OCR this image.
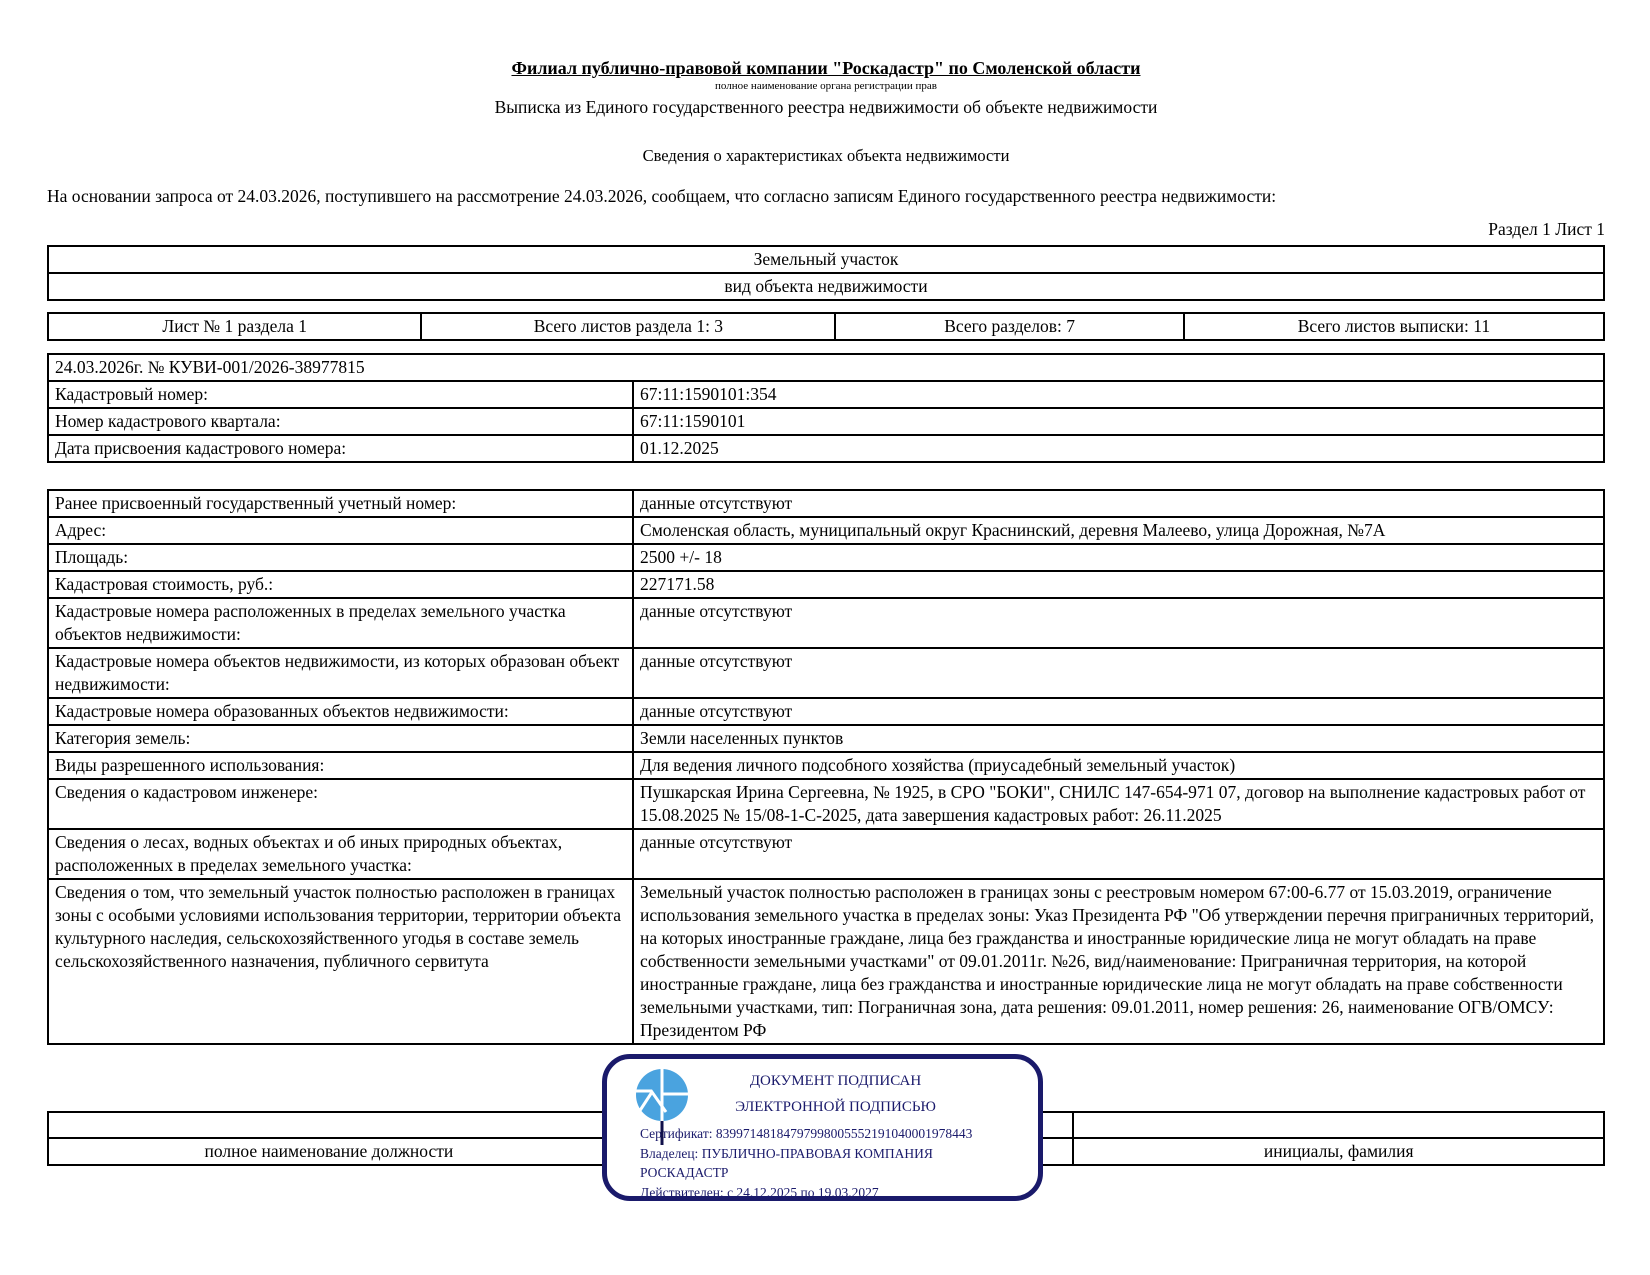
Филиал публично-правовой компании "Роскадастр" по Смоленской области
полное наименование органа регистрации прав
Выписка из Единого государственного реестра недвижимости об объекте недвижимости
Сведения о характеристиках объекта недвижимости
На основании запроса от 24.03.2026, поступившего на рассмотрение 24.03.2026, сообщаем, что согласно записям Единого государственного реестра недвижимости:
Раздел 1 Лист 1
Земельный участок
вид объекта недвижимости
Лист № 1 раздела 1	Всего листов раздела 1: 3	Всего разделов: 7	Всего листов выписки: 11
24.03.2026г. № КУВИ-001/2026-38977815	
Кадастровый номер:	67:11:1590101:354
Номер кадастрового квартала:	67:11:1590101
Дата присвоения кадастрового номера:	01.12.2025
Ранее присвоенный государственный учетный номер:	данные отсутствуют
Адрес:	Смоленская область, муниципальный округ Краснинский, деревня Малеево, улица Дорожная, №7А
Площадь:	2500 +/- 18
Кадастровая стоимость, руб.:	227171.58
Кадастровые номера расположенных в пределах земельного участка объектов недвижимости:	данные отсутствуют
Кадастровые номера объектов недвижимости, из которых образован объект недвижимости:	данные отсутствуют
Кадастровые номера образованных объектов недвижимости:	данные отсутствуют
Категория земель:	Земли населенных пунктов
Виды разрешенного использования:	Для ведения личного подсобного хозяйства (приусадебный земельный участок)
Сведения о кадастровом инженере:	Пушкарская Ирина Сергеевна, № 1925, в СРО "БОКИ", СНИЛС 147-654-971 07, договор на выполнение кадастровых работ от 15.08.2025 № 15/08-1-С-2025, дата завершения кадастровых работ: 26.11.2025
Сведения о лесах, водных объектах и об иных природных объектах, расположенных в пределах земельного участка:	данные отсутствуют
Сведения о том, что земельный участок полностью расположен в границах зоны с особыми условиями использования территории, территории объекта культурного наследия, сельскохозяйственного угодья в составе земель сельскохозяйственного назначения, публичного сервитута	Земельный участок полностью расположен в границах зоны с реестровым номером 67:00-6.77 от 15.03.2019, ограничение использования земельного участка в пределах зоны: Указ Президента РФ "Об утверждении перечня приграничных территорий, на которых иностранные граждане, лица без гражданства и иностранные юридические лица не могут обладать на праве собственности земельными участками" от 09.01.2011г. №26, вид/наименование: Приграничная территория, на которой иностранные граждане, лица без гражданства и иностранные юридические лица не могут обладать на праве собственности земельными участками, тип: Пограничная зона, дата решения: 09.01.2011, номер решения: 26, наименование ОГВ/ОМСУ: Президентом РФ

полное наименование должности		инициалы, фамилия
ДОКУМЕНТ ПОДПИСАН
ЭЛЕКТРОННОЙ ПОДПИСЬЮ
Сертификат: 83997148184797998005552191040001978443
Владелец: ПУБЛИЧНО-ПРАВОВАЯ КОМПАНИЯ РОСКАДАСТР
Действителен: с 24.12.2025 по 19.03.2027
